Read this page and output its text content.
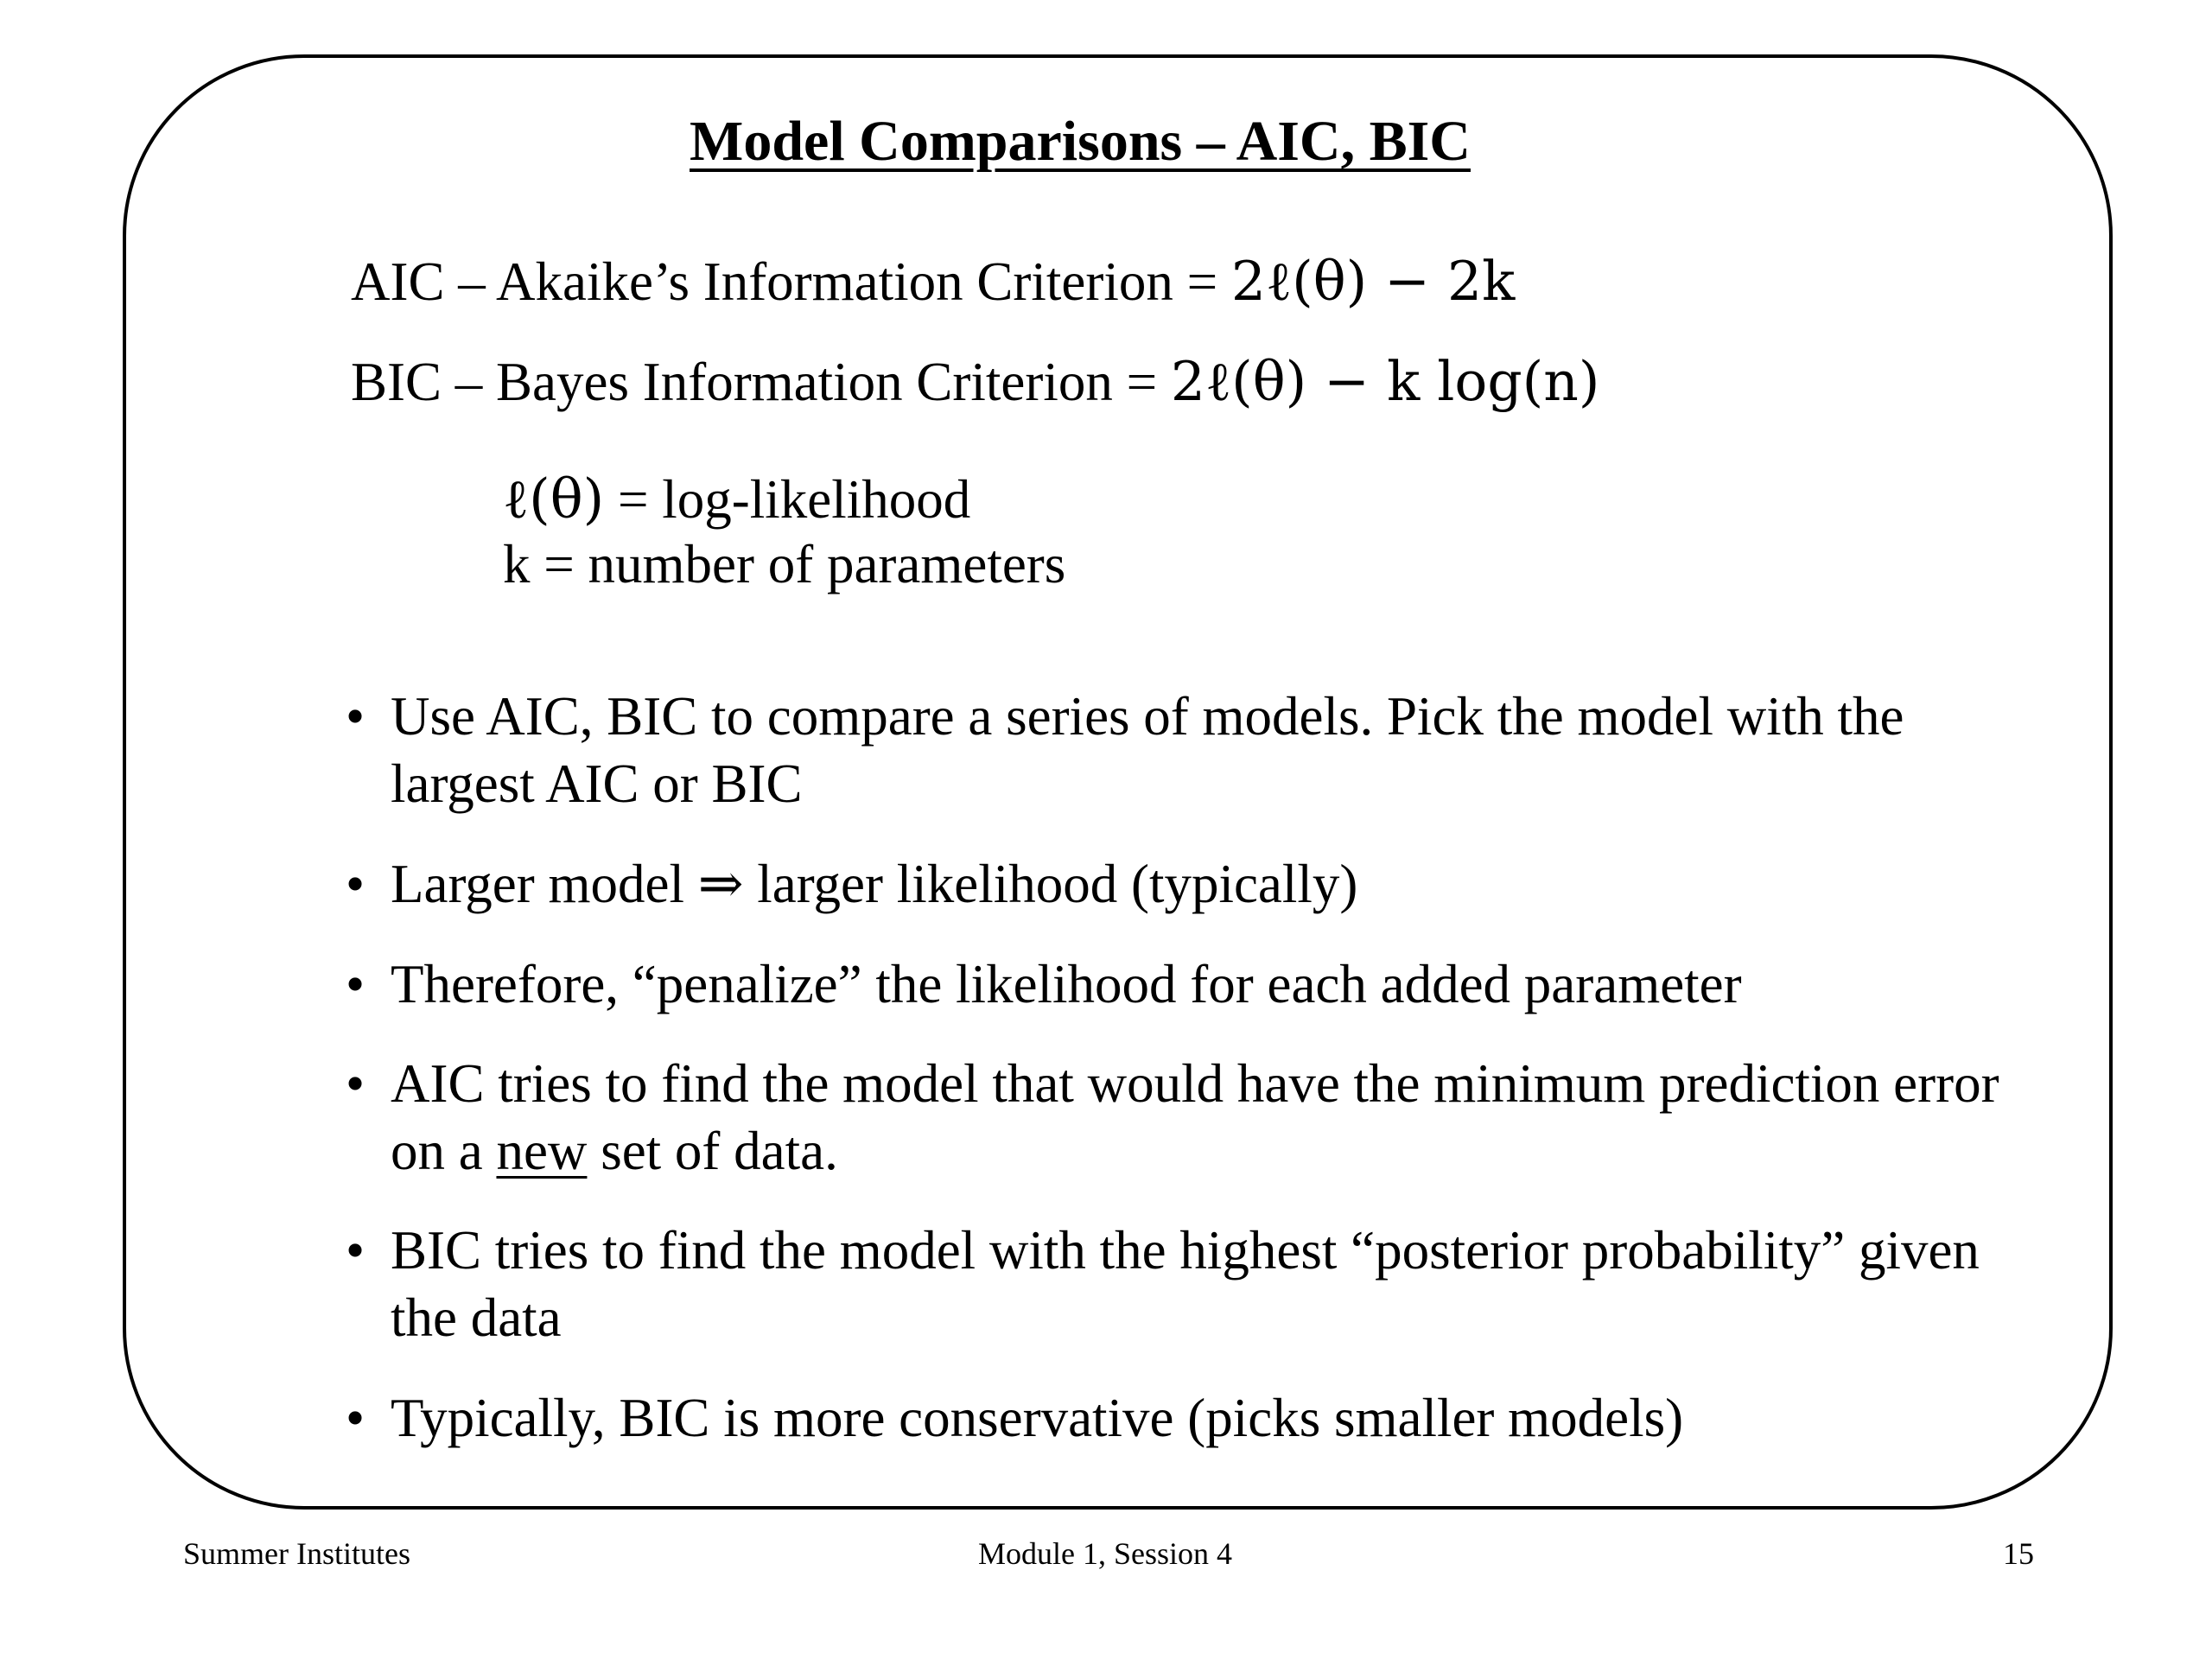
Model Comparisons – AIC, BIC
AIC – Akaike’s Information Criterion = 2ℓ(θ) − 2k
BIC – Bayes Information Criterion = 2ℓ(θ) − k log(n)
ℓ(θ) = log-likelihood
k = number of parameters
• Use AIC, BIC to compare a series of models. Pick the model with the largest AIC or BIC
• Larger model ⇒ larger likelihood (typically)
• Therefore, “penalize” the likelihood for each added parameter
• AIC tries to find the model that would have the minimum prediction error on a new set of data.
• BIC tries to find the model with the highest “posterior probability” given the data
• Typically, BIC is more conservative (picks smaller models)
Summer Institutes	Module 1, Session 4	15
